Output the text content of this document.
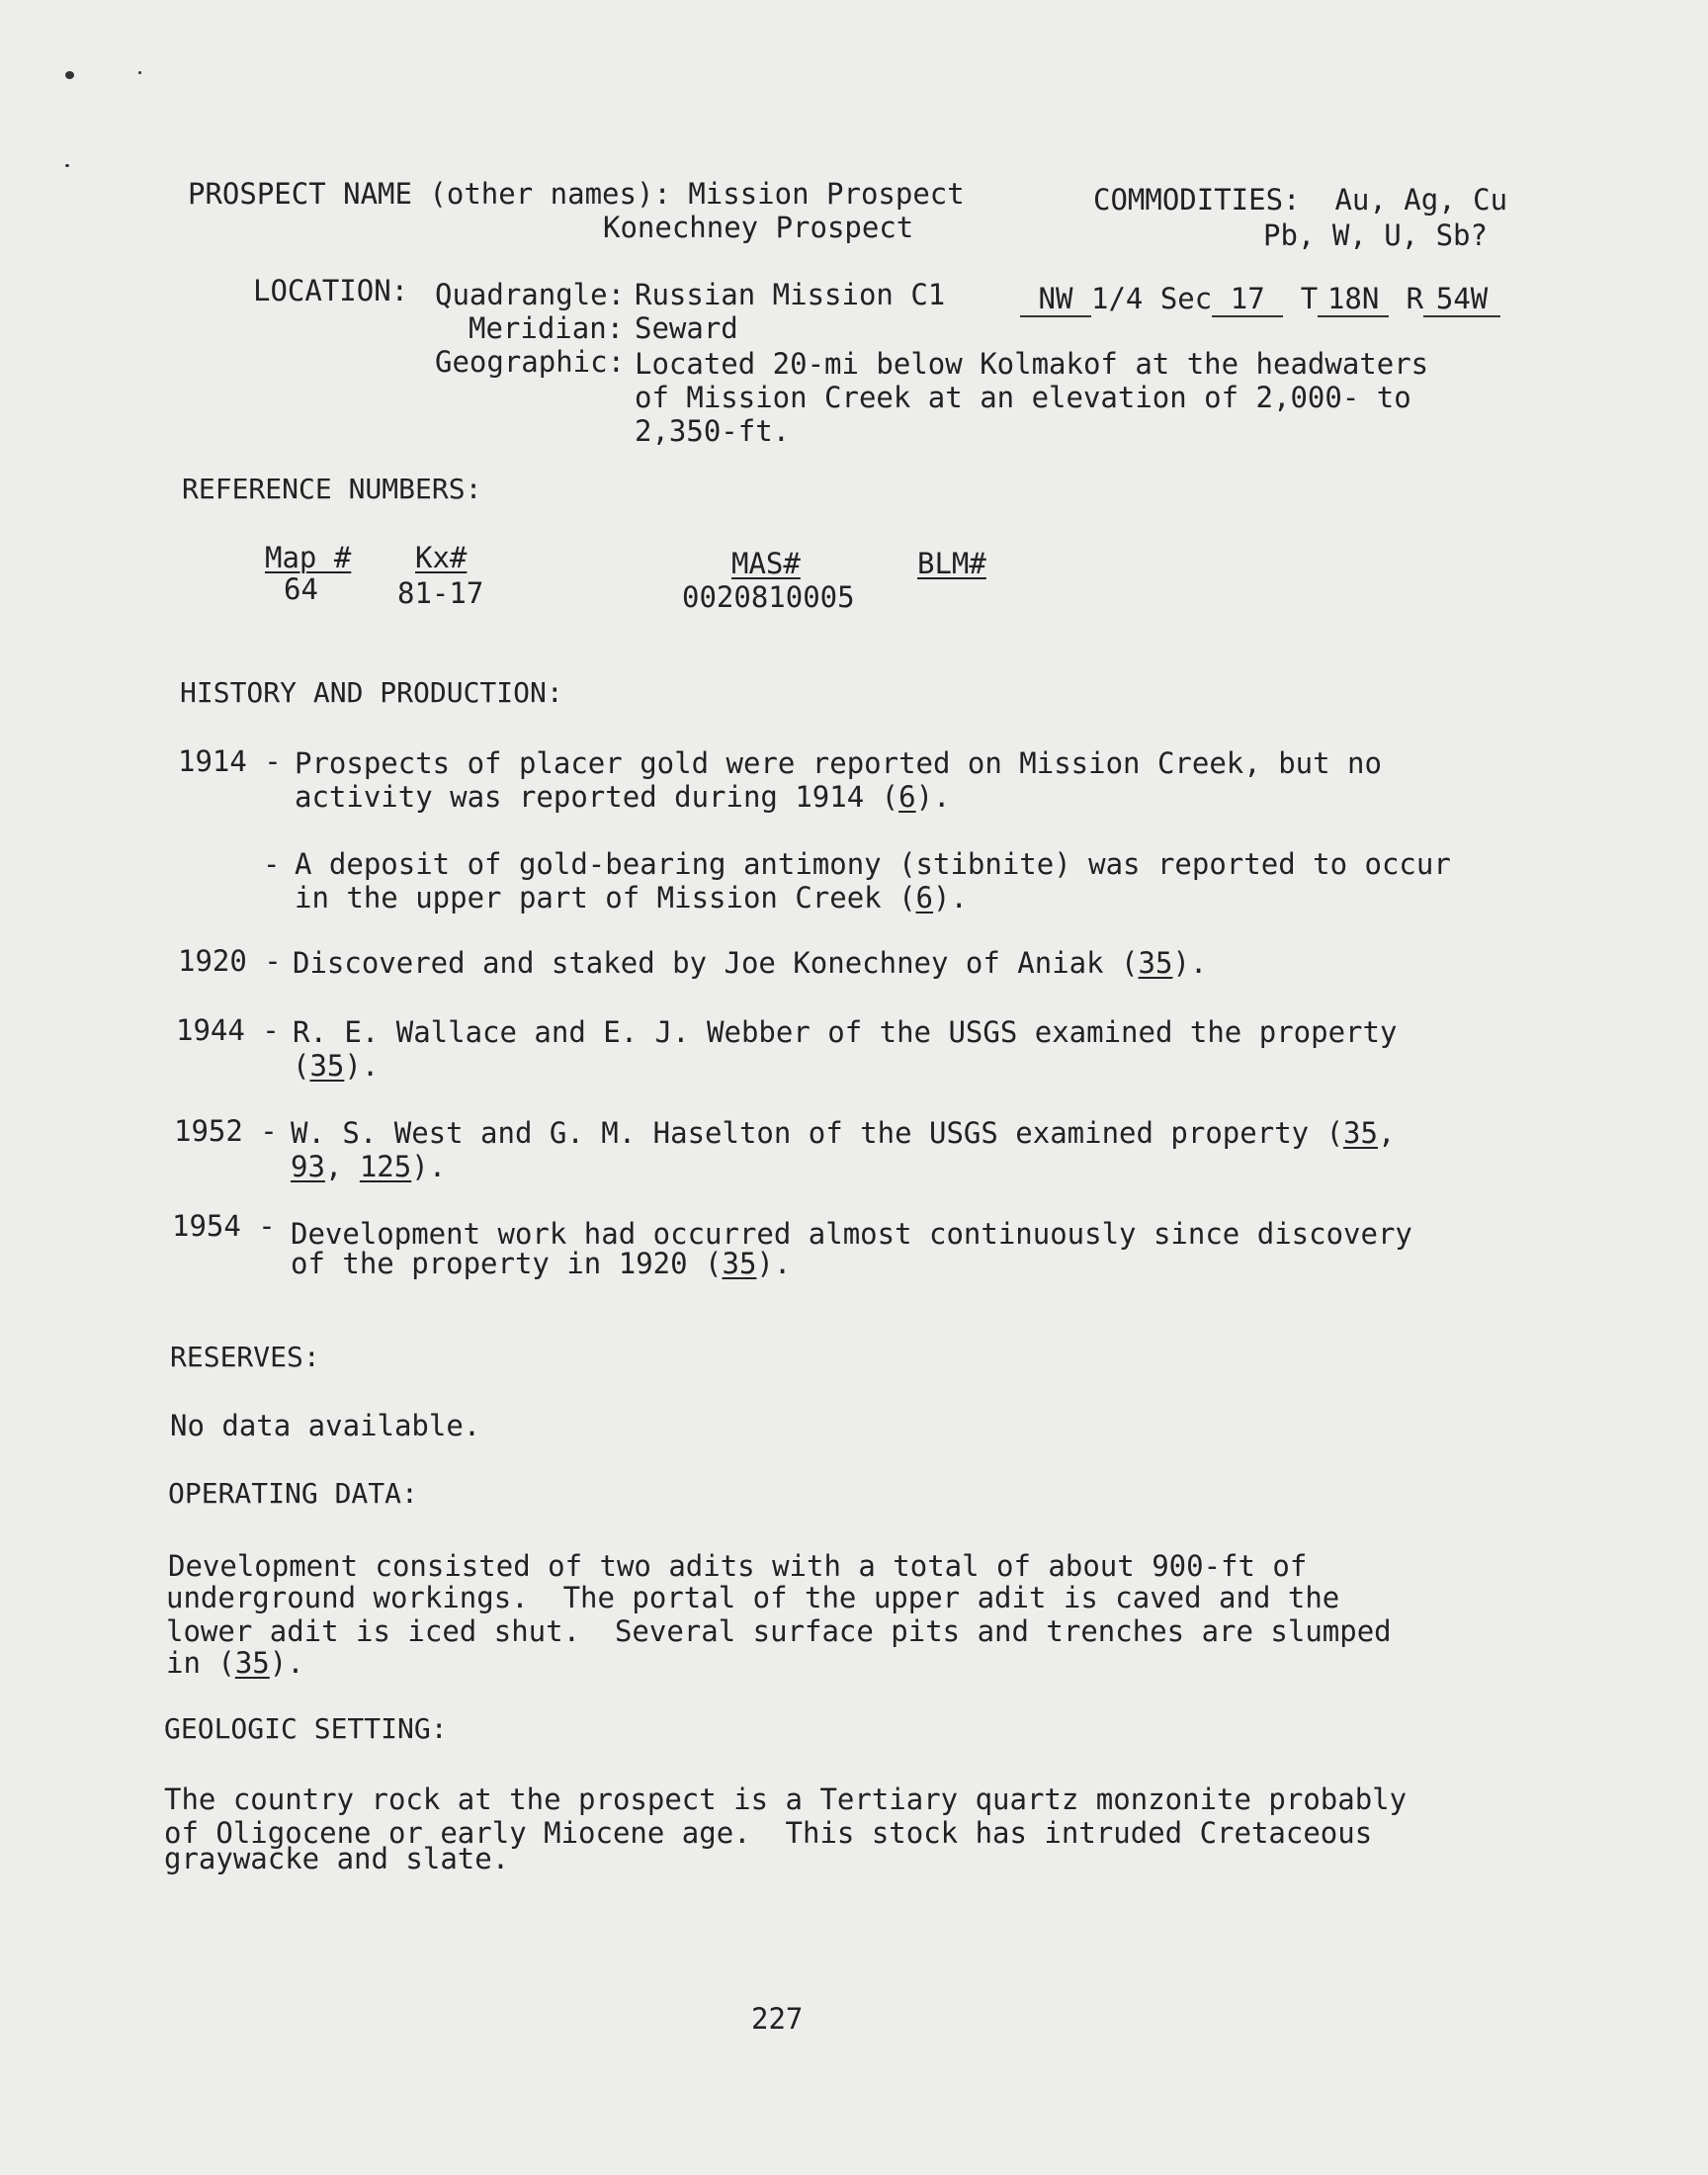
PROSPECT NAME (other names): Mission Prospect
Konechney Prospect
COMMODITIES: Au, Ag, Cu
Pb, W, U, Sb?
LOCATION: Quadrangle: Russian Mission C1	NW 1/4 Sec 17 T 18N R 54W
Meridian: Seward
Geographic: Located 20-mi below Kolmakof at the headwaters
of Mission Creek at an elevation of 2,000- to
2,350-ft.
REFERENCE NUMBERS:
Map #
64
Kx#
81-17
MAS#
0020810005
BLM#
HISTORY AND PRODUCTION:
1914 - Prospects of placer gold were reported on Mission Creek, but no
activity was reported during 1914 (6).
- A deposit of gold-bearing antimony (stibnite) was reported to occur
in the upper part of Mission Creek (6).
1920 - Discovered and staked by Joe Konechney of Aniak (35).
1944 - R. E. Wallace and E. J. Webber of the USGS examined the property
(35).
1952 - W. S. West and G. M. Haselton of the USGS examined property (35,
93, 125).
1954 - Development work had occurred almost continuously since discovery
of the property in 1920 (35).
RESERVES:
No data available.
OPERATING DATA:
Development consisted of two adits with a total of about 900-ft of
underground workings.  The portal of the upper adit is caved and the
lower adit is iced shut.  Several surface pits and trenches are slumped
in (35).
GEOLOGIC SETTING:
The country rock at the prospect is a Tertiary quartz monzonite probably
of Oligocene or early Miocene age.  This stock has intruded Cretaceous
graywacke and slate.
227
